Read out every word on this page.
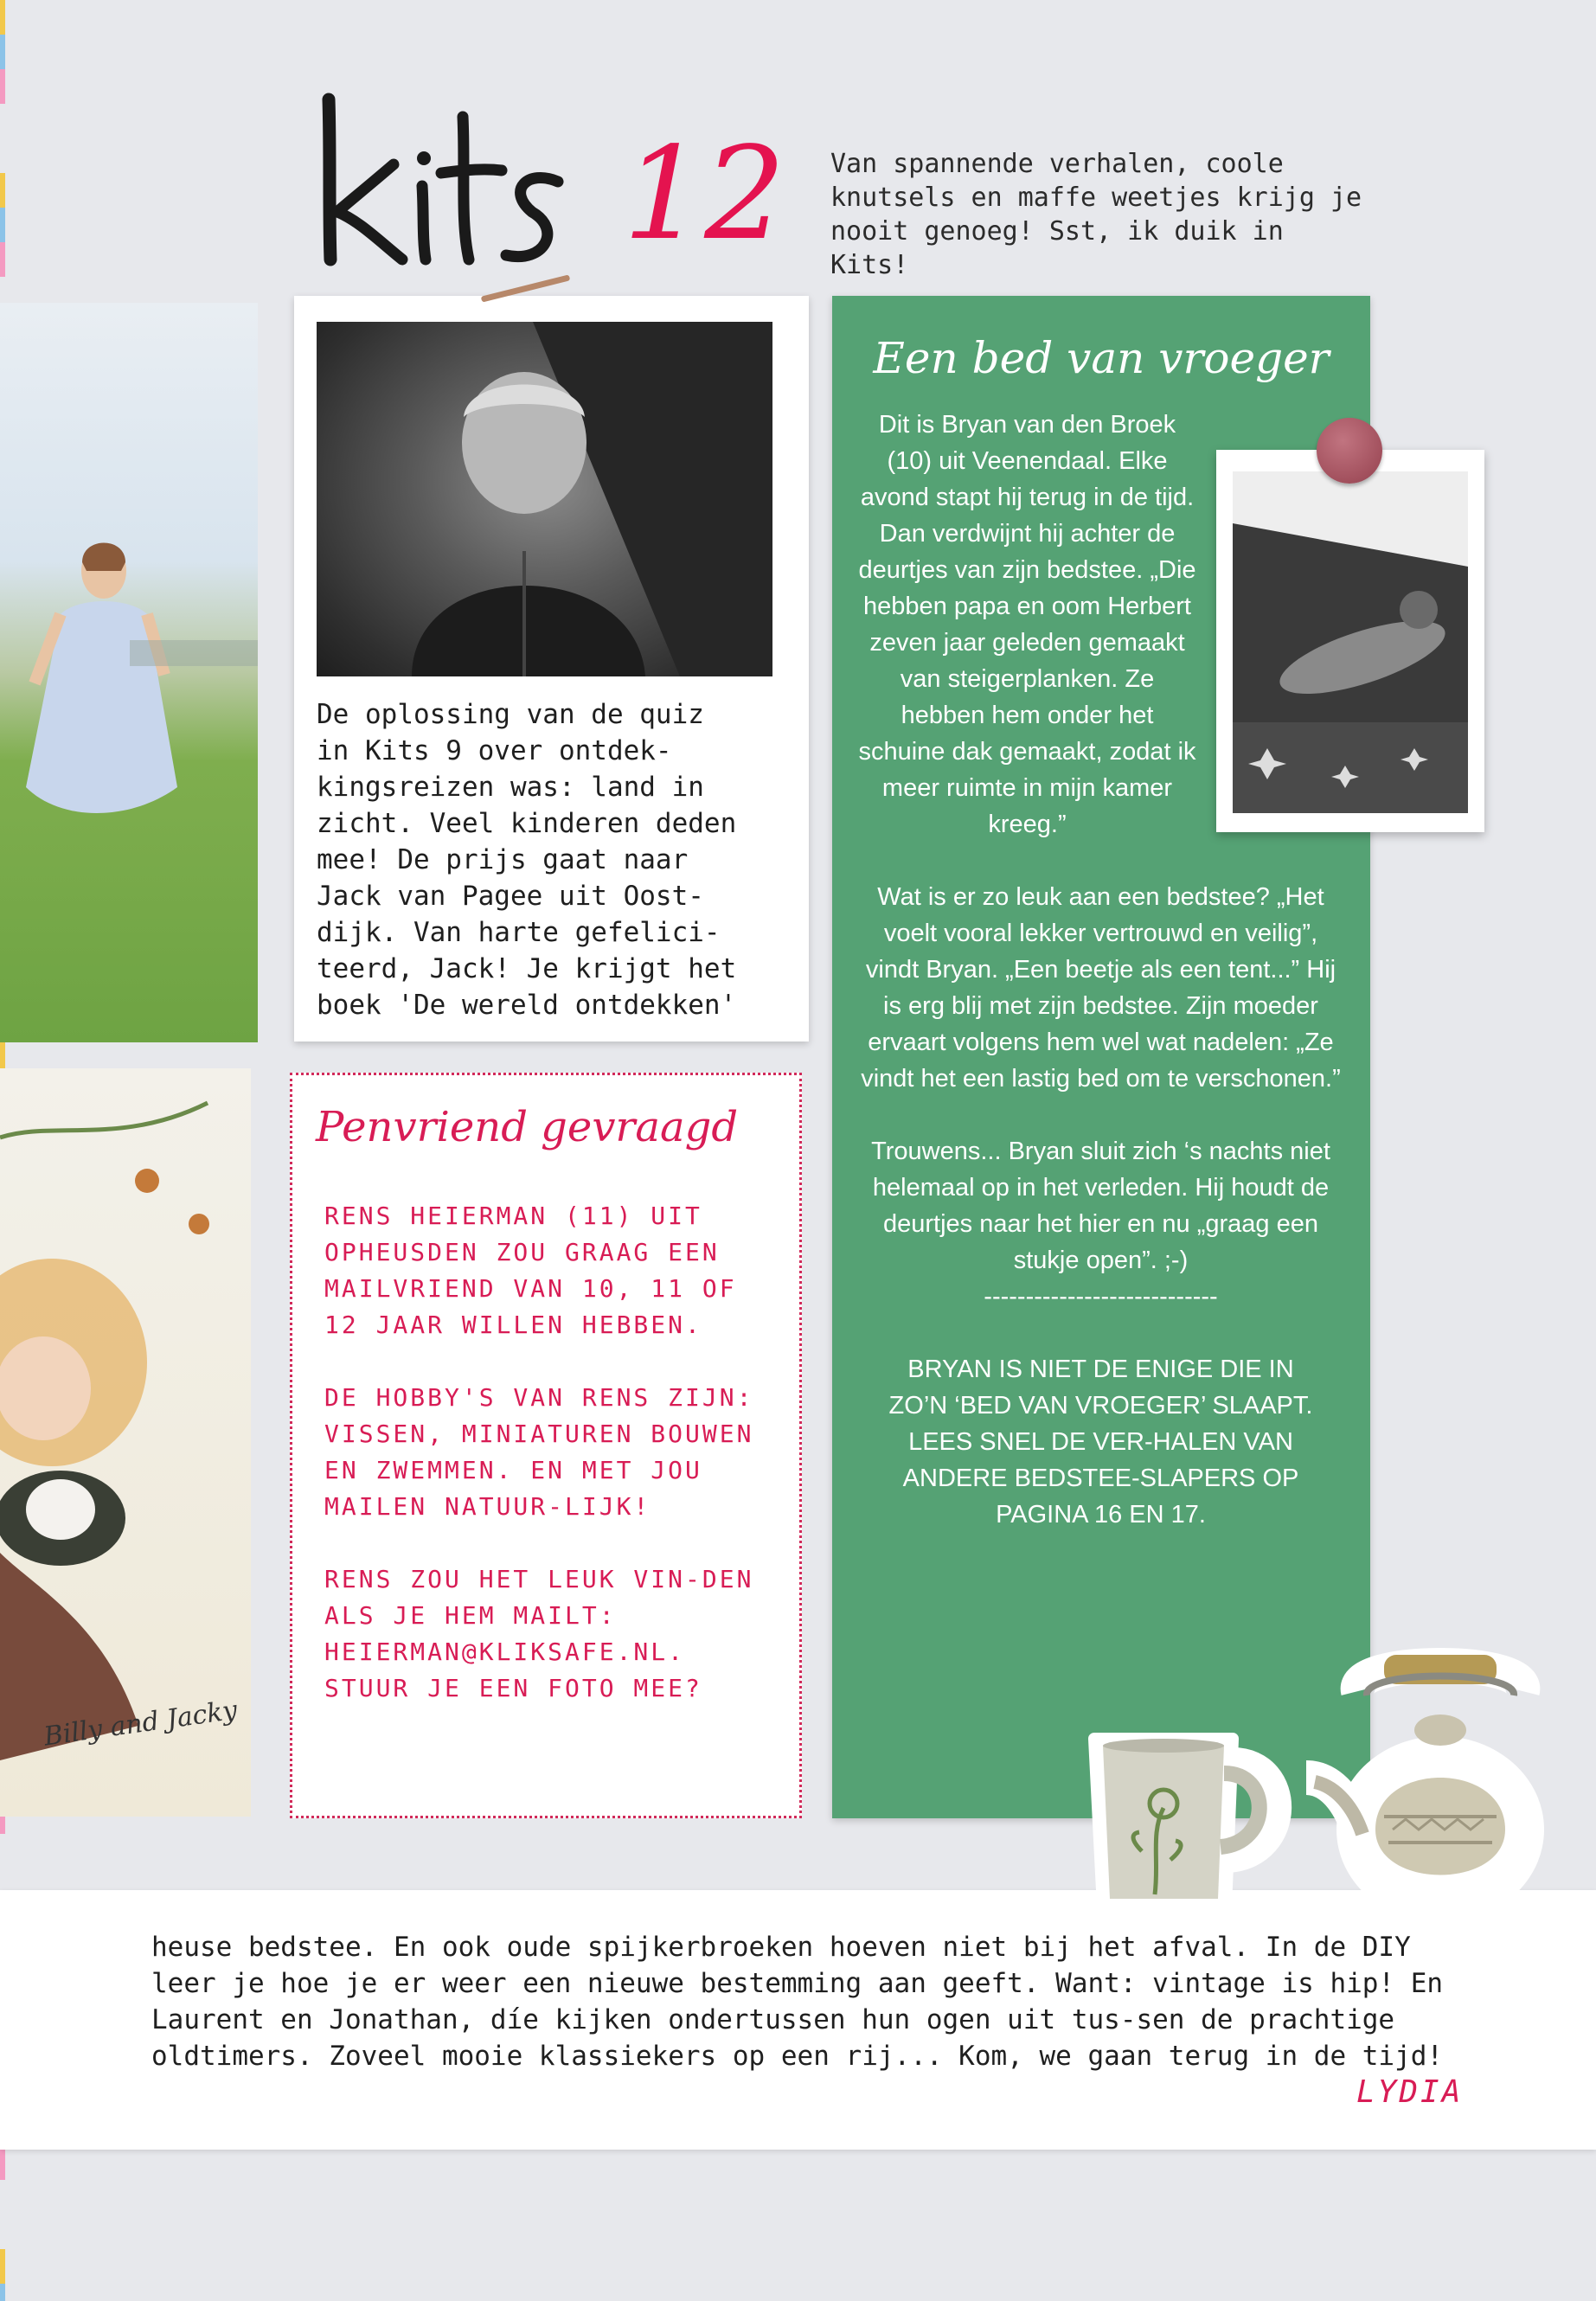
kits
12 Van spannende verhalen, coole knutsels en maffe weetjes krijg je nooit genoeg! Sst, ik duik in Kits!
Billy and Jacky
De oplossing van de quiz
in Kits 9 over ontdek-
kingsreizen was: land in
zicht. Veel kinderen deden
mee! De prijs gaat naar
Jack van Pagee uit Oost-
dijk. Van harte gefelici-
teerd, Jack! Je krijgt het
boek 'De wereld ontdekken'
Penvriend gevraagd

RENS HEIERMAN (11) UIT OPHEUSDEN ZOU GRAAG EEN MAILVRIEND VAN 10, 11 OF 12 JAAR WILLEN HEBBEN.

DE HOBBY'S VAN RENS ZIJN: VISSEN, MINIATUREN BOUWEN EN ZWEMMEN. EN MET JOU MAILEN NATUUR-LIJK!

RENS ZOU HET LEUK VIN-DEN ALS JE HEM MAILT: HEIERMAN@KLIKSAFE.NL. STUUR JE EEN FOTO MEE?

Een bed van vroeger
Dit is Bryan van den Broek (10) uit Veenendaal. Elke avond stapt hij terug in de tijd. Dan verdwijnt hij achter de deurtjes van zijn bedstee. „Die hebben papa en oom Herbert zeven jaar geleden gemaakt van steigerplanken. Ze hebben hem onder het schuine dak gemaakt, zodat ik meer ruimte in mijn kamer kreeg.”
Wat is er zo leuk aan een bedstee? „Het voelt vooral lekker vertrouwd en veilig”, vindt Bryan. „Een beetje als een tent...” Hij is erg blij met zijn bedstee. Zijn moeder ervaart volgens hem wel wat nadelen: „Ze vindt het een lastig bed om te verschonen.”
Trouwens... Bryan sluit zich ‘s nachts niet helemaal op in het verleden. Hij houdt de deurtjes naar het hier en nu „graag een stukje open”. ;-)
----------------------------
BRYAN IS NIET DE ENIGE DIE IN ZO’N ‘BED VAN VROEGER’ SLAAPT. LEES SNEL DE VER-HALEN VAN ANDERE BEDSTEE-SLAPERS OP PAGINA 16 EN 17.
heuse bedstee. En ook oude spijkerbroeken hoeven niet bij het afval. In de DIY leer je hoe je er weer een nieuwe bestemming aan geeft. Want: vintage is hip! En Laurent en Jonathan, díe kijken ondertussen hun ogen uit tus-sen de prachtige oldtimers. Zoveel mooie klassiekers op een rij... Kom, we gaan terug in de tijd!
LYDIA
